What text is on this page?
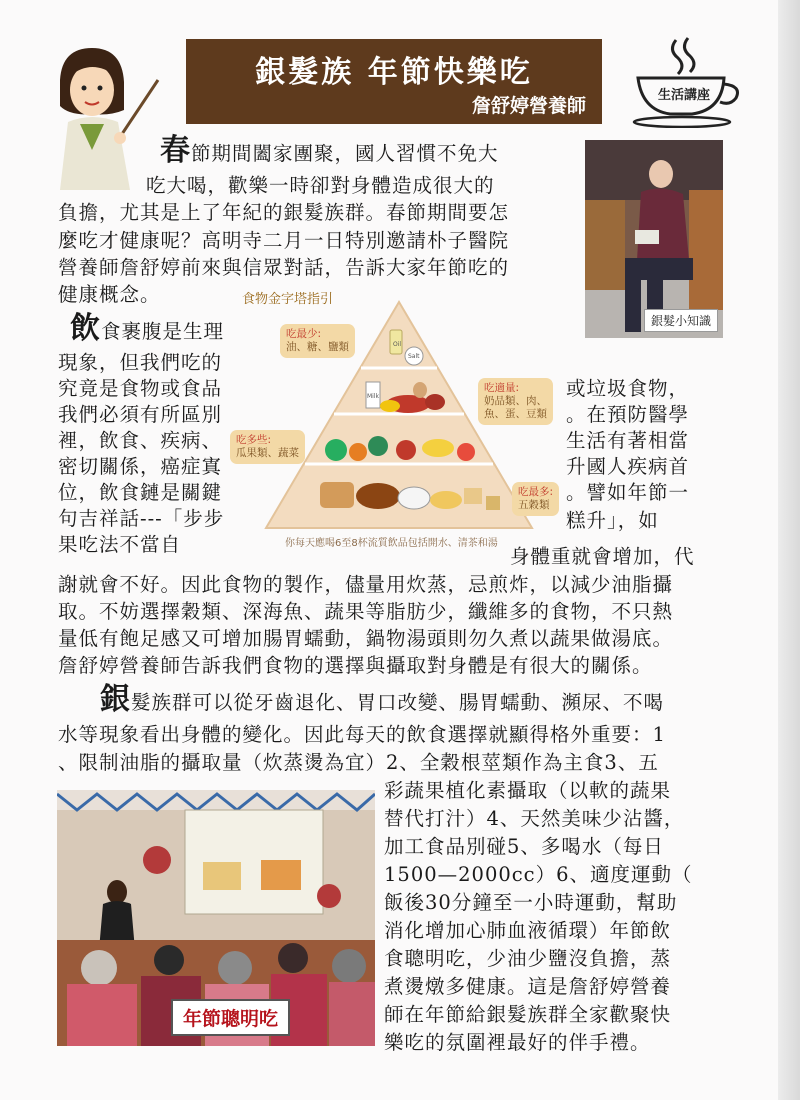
銀髮族 年節快樂吃
詹舒婷營養師	生活講座
銀髮小知識
春節期間闔家團聚，國人習慣不免大
吃大喝，歡樂一時卻對身體造成很大的
負擔，尤其是上了年紀的銀髮族群。春節期間要怎
麼吃才健康呢？高明寺二月一日特別邀請朴子醫院
營養師詹舒婷前來與信眾對話，告訴大家年節吃的
健康概念。
飲食裹腹是生理
現象，但我們吃的
究竟是食物或食品
我們必須有所區別
裡，飲食、疾病、
密切關係，癌症寘
位，飲食鏈是關鍵
句吉祥話---「步步
果吃法不當自
或垃圾食物，
。在預防醫學
生活有著相當
升國人疾病首
。譬如年節一
糕升」，如
身體重就會增加，代
謝就會不好。因此食物的製作，儘量用炊蒸，忌煎炸，以減少油脂攝
取。不妨選擇穀類、深海魚、蔬果等脂肪少，纖維多的食物，不只熱
量低有飽足感又可增加腸胃蠕動，鍋物湯頭則勿久煮以蔬果做湯底。
詹舒婷營養師告訴我們食物的選擇與攝取對身體是有很大的關係。
銀髮族群可以從牙齒退化、胃口改變、腸胃蠕動、瀕尿、不喝
水等現象看出身體的變化。因此每天的飲食選擇就顯得格外重要：1
、限制油脂的攝取量（炊蒸燙為宜）2、全穀根莖類作為主食3、五
彩蔬果植化素攝取（以軟的蔬果
替代打汁）4、天然美味少沾醬，
加工食品別碰5、多喝水（每日
1500—2000cc）6、適度運動（
飯後30分鐘至一小時運動，幫助
消化增加心肺血液循環）年節飲
食聰明吃，少油少鹽沒負擔，蒸
煮燙燉多健康。這是詹舒婷營養
師在年節給銀髮族群全家歡聚快
樂吃的氛圍裡最好的伴手禮。
食物金字塔指引
Oil
Salt
Milk
吃最少:
油、糖、鹽類
吃適量:
奶品類、肉、
魚、蛋、豆類
吃多些:
瓜果類、蔬菜
吃最多:
五穀類
你每天應喝6至8杯流質飲品包括開水、清茶和湯
年節聰明吃
